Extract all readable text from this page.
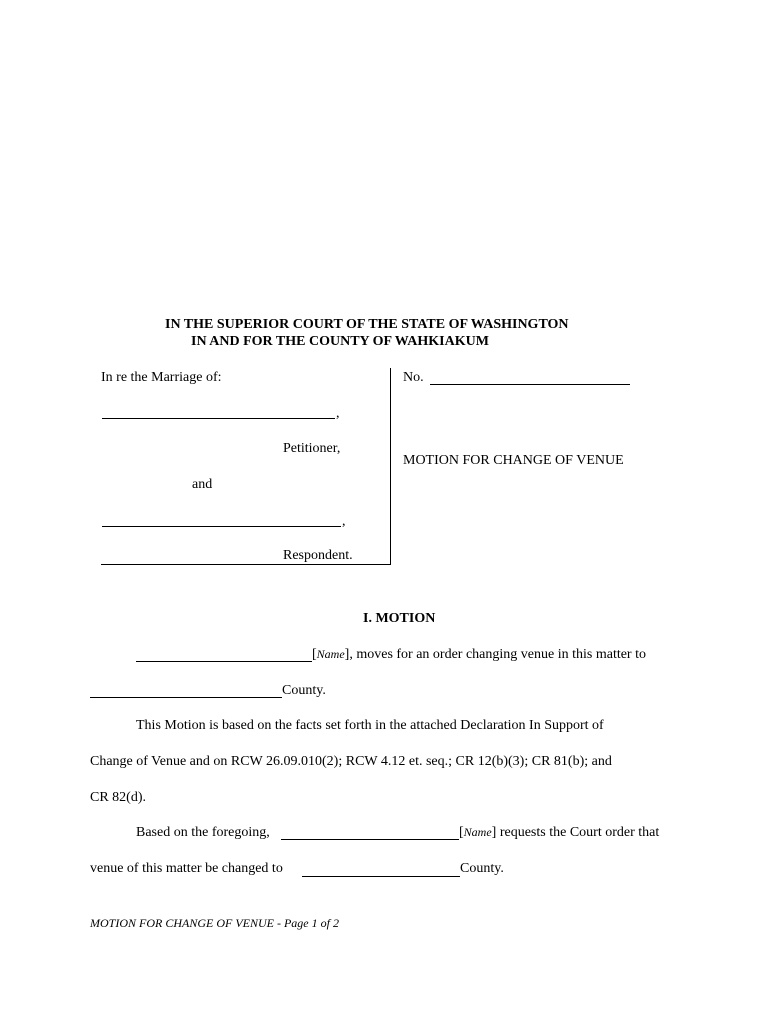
IN THE SUPERIOR COURT OF THE STATE OF WASHINGTON
IN AND FOR THE COUNTY OF WAHKIAKUM
In re the Marriage of:
,
Petitioner,
and
,
Respondent.
No.
MOTION FOR CHANGE OF VENUE
I. MOTION
[Name], moves for an order changing venue in this matter to
County.
This Motion is based on the facts set forth in the attached Declaration In Support of
Change of Venue and on RCW 26.09.010(2); RCW 4.12 et. seq.; CR 12(b)(3); CR 81(b); and
CR 82(d).
Based on the foregoing,	[Name] requests the Court order that
venue of this matter be changed to	County.
MOTION FOR CHANGE OF VENUE - Page 1 of 2
